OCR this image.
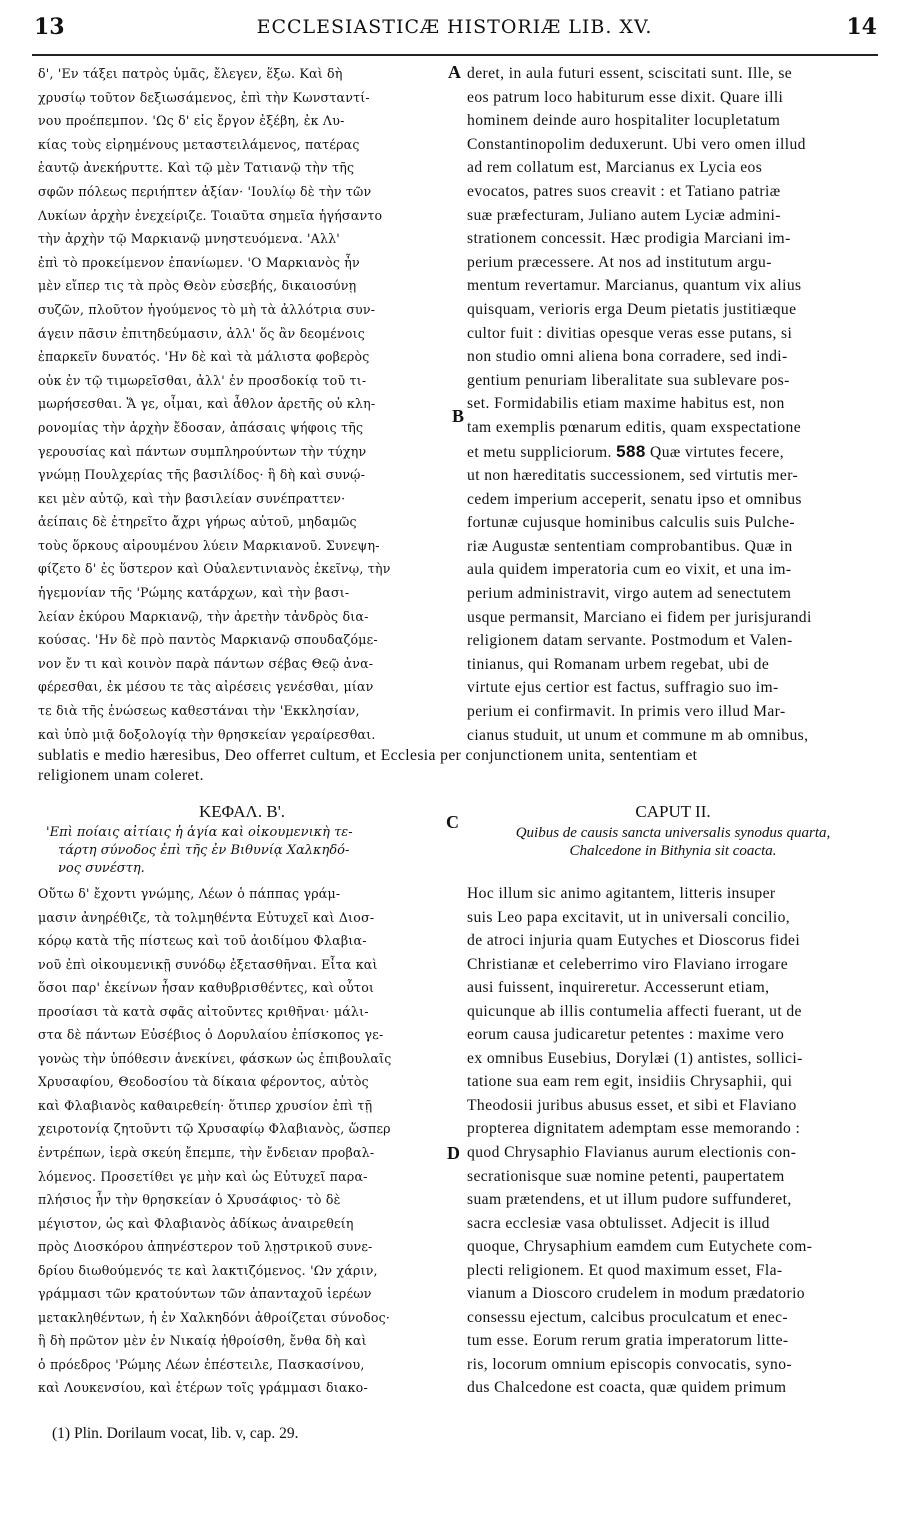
13	ECCLESIASTICÆ HISTORIÆ LIB. XV.	14
δ', 'Εν τάξει πατρὸς ὑμᾶς, ἔλεγεν, ἕξω. Καὶ δὴ
χρυσίῳ τοῦτον δεξιωσάμενος, ἐπὶ τὴν Κωνσταντί-
νου προέπεμπον. 'Ως δ' εἰς ἔργον ἐξέβη, ἐκ Λυ-
κίας τοὺς εἰρημένους μεταστειλάμενος, πατέρας
ἑαυτῷ ἀνεκήρυττε. Καὶ τῷ μὲν Τατιανῷ τὴν τῆς
σφῶν πόλεως περιήπτεν ἀξίαν· 'Ιουλίῳ δὲ τὴν τῶν
Λυκίων ἀρχὴν ἐνεχείριζε. Τοιαῦτα σημεῖα ἡγήσαντο
τὴν ἀρχὴν τῷ Μαρκιανῷ μνηστευόμενα. 'Αλλ'
ἐπὶ τὸ προκείμενον ἐπανίωμεν. 'Ο Μαρκιανὸς ἦν
μὲν εἴπερ τις τὰ πρὸς Θεὸν εὐσεβής, δικαιοσύνῃ
συζῶν, πλοῦτον ἡγούμενος τὸ μὴ τὰ ἀλλότρια συν-
άγειν πᾶσιν ἐπιτηδεύμασιν, ἀλλ' ὅς ἂν δεομένοις
ἐπαρκεῖν δυνατός. 'Ην δὲ καὶ τὰ μάλιστα φοβερὸς
οὐκ ἐν τῷ τιμωρεῖσθαι, ἀλλ' ἐν προσδοκίᾳ τοῦ τι-
μωρήσεσθαι. Ἅ γε, οἶμαι, καὶ ἆθλον ἀρετῆς οὐ κλη-
ρονομίας τὴν ἀρχὴν ἔδοσαν, ἁπάσαις ψήφοις τῆς
γερουσίας καὶ πάντων συμπληρούντων τὴν τύχην
γνώμῃ Πουλχερίας τῆς βασιλίδος· ἣ δὴ καὶ συνῴ-
κει μὲν αὐτῷ, καὶ τὴν βασιλείαν συνέπραττεν·
ἀείπαις δὲ ἐτηρεῖτο ἄχρι γήρως αὐτοῦ, μηδαμῶς
τοὺς ὅρκους αἰρουμένου λύειν Μαρκιανοῦ. Συνεψη-
φίζετο δ' ἐς ὕστερον καὶ Οὐαλεντινιανὸς ἐκεῖνῳ, τὴν
ἡγεμονίαν τῆς 'Ρώμης κατάρχων, καὶ τὴν βασι-
λείαν ἐκύρου Μαρκιανῷ, τὴν ἀρετὴν τἀνδρὸς δια-
κούσας. 'Ην δὲ πρὸ παντὸς Μαρκιανῷ σπουδαζόμε-
νον ἔν τι καὶ κοινὸν παρὰ πάντων σέβας Θεῷ ἀνα-
φέρεσθαι, ἐκ μέσου τε τὰς αἱρέσεις γενέσθαι, μίαν
τε διὰ τῆς ἑνώσεως καθεστάναι τὴν 'Εκκλησίαν,
καὶ ὑπὸ μιᾷ δοξολογίᾳ τὴν θρησκείαν γεραίρεσθαι.
deret, in aula futuri essent, sciscitati sunt. Ille, se
eos patrum loco habiturum esse dixit. Quare illi
hominem deinde auro hospitaliter locupletatum
Constantinopolim deduxerunt. Ubi vero omen illud
ad rem collatum est, Marcianus ex Lycia eos
evocatos, patres suos creavit : et Tatiano patriæ
suæ præfecturam, Juliano autem Lyciæ admini-
strationem concessit. Hæc prodigia Marciani im-
perium præcessere. At nos ad institutum argu-
mentum revertamur. Marcianus, quantum vix alius
quisquam, verioris erga Deum pietatis justitiæque
cultor fuit : divitias opesque veras esse putans, si
non studio omni aliena bona corradere, sed indi-
gentium penuriam liberalitate sua sublevare pos-
set. Formidabilis etiam maxime habitus est, non
tam exemplis pœnarum editis, quam exspectatione
et metu suppliciorum. 588 Quæ virtutes fecere,
ut non hæreditatis successionem, sed virtutis mer-
cedem imperium acceperit, senatu ipso et omnibus
fortunæ cujusque hominibus calculis suis Pulche-
riæ Augustæ sententiam comprobantibus. Quæ in
aula quidem imperatoria cum eo vixit, et una im-
perium administravit, virgo autem ad senectutem
usque permansit, Marciano ei fidem per jurisjurandi
religionem datam servante. Postmodum et Valen-
tinianus, qui Romanam urbem regebat, ubi de
virtute ejus certior est factus, suffragio suo im-
perium ei confirmavit. In primis vero illud Mar-
cianus studuit, ut unum et commune m ab omnibus,
A
B
sublatis e medio hæresibus, Deo offerret cultum, et Ecclesia per conjunctionem unita, sententiam et
religionem unam coleret.
ΚΕΦΑΛ. Β'.
'Επὶ ποίαις αἰτίαις ἡ ἁγία καὶ οἰκουμενικὴ τε-
τάρτη σύνοδος ἐπὶ τῆς ἐν Βιθυνίᾳ Χαλκηδό-
νος συνέστη.
C
CAPUT II.
Quibus de causis sancta universalis synodus quarta,
Chalcedone in Bithynia sit coacta.
Οὕτω δ' ἔχοντι γνώμης, Λέων ὁ πάππας γράμ-
μασιν ἀνηρέθιζε, τὰ τολμηθέντα Εὐτυχεῖ καὶ Διοσ-
κόρῳ κατὰ τῆς πίστεως καὶ τοῦ ἀοιδίμου Φλαβια-
νοῦ ἐπὶ οἰκουμενικῇ συνόδῳ ἐξετασθῆναι. Εἶτα καὶ
ὅσοι παρ' ἐκείνων ἦσαν καθυβρισθέντες, καὶ οὗτοι
προσίασι τὰ κατὰ σφᾶς αἰτοῦντες κριθῆναι· μάλι-
στα δὲ πάντων Εὐσέβιος ὁ Δορυλαίου ἐπίσκοπος γε-
γονὼς τὴν ὑπόθεσιν ἀνεκίνει, φάσκων ὡς ἐπιβουλαῖς
Χρυσαφίου, Θεοδοσίου τὰ δίκαια φέροντος, αὐτὸς
καὶ Φλαβιανὸς καθαιρεθείη· ὅτιπερ χρυσίον ἐπὶ τῇ
χειροτονίᾳ ζητοῦντι τῷ Χρυσαφίῳ Φλαβιανὸς, ὥσπερ
ἐντρέπων, ἱερὰ σκεύη ἔπεμπε, τὴν ἔνδειαν προβαλ-
λόμενος. Προσετίθει γε μὴν καὶ ὡς Εὐτυχεῖ παρα-
πλήσιος ἦν τὴν θρησκείαν ὁ Χρυσάφιος· τὸ δὲ
μέγιστον, ὡς καὶ Φλαβιανὸς ἀδίκως ἀναιρεθείη
πρὸς Διοσκόρου ἀπηνέστερον τοῦ λῃστρικοῦ συνε-
δρίου διωθούμενός τε καὶ λακτιζόμενος. 'Ων χάριν,
γράμμασι τῶν κρατούντων τῶν ἁπανταχοῦ ἱερέων
μετακληθέντων, ἡ ἐν Χαλκηδόνι ἀθροίζεται σύνοδος·
ἣ δὴ πρῶτον μὲν ἐν Νικαίᾳ ἠθροίσθη, ἔνθα δὴ καὶ
ὁ πρόεδρος 'Ρώμης Λέων ἐπέστειλε, Πασκασίνου,
καὶ Λουκενσίου, καὶ ἑτέρων τοῖς γράμμασι διακο-
Hoc illum sic animo agitantem, litteris insuper
suis Leo papa excitavit, ut in universali concilio,
de atroci injuria quam Eutyches et Dioscorus fidei
Christianæ et celeberrimo viro Flaviano irrogare
ausi fuissent, inquireretur. Accesserunt etiam,
quicunque ab illis contumelia affecti fuerant, ut de
eorum causa judicaretur petentes : maxime vero
ex omnibus Eusebius, Dorylæi (1) antistes, sollici-
tatione sua eam rem egit, insidiis Chrysaphii, qui
Theodosii juribus abusus esset, et sibi et Flaviano
propterea dignitatem ademptam esse memorando :
quod Chrysaphio Flavianus aurum electionis con-
secrationisque suæ nomine petenti, paupertatem
suam prætendens, et ut illum pudore suffunderet,
sacra ecclesiæ vasa obtulisset. Adjecit is illud
quoque, Chrysaphium eamdem cum Eutychete com-
plecti religionem. Et quod maximum esset, Fla-
vianum a Dioscoro crudelem in modum prædatorio
consessu ejectum, calcibus proculcatum et enec-
tum esse. Eorum rerum gratia imperatorum litte-
ris, locorum omnium episcopis convocatis, syno-
dus Chalcedone est coacta, quæ quidem primum
D
(1) Plin. Dorilaum vocat, lib. v, cap. 29.
